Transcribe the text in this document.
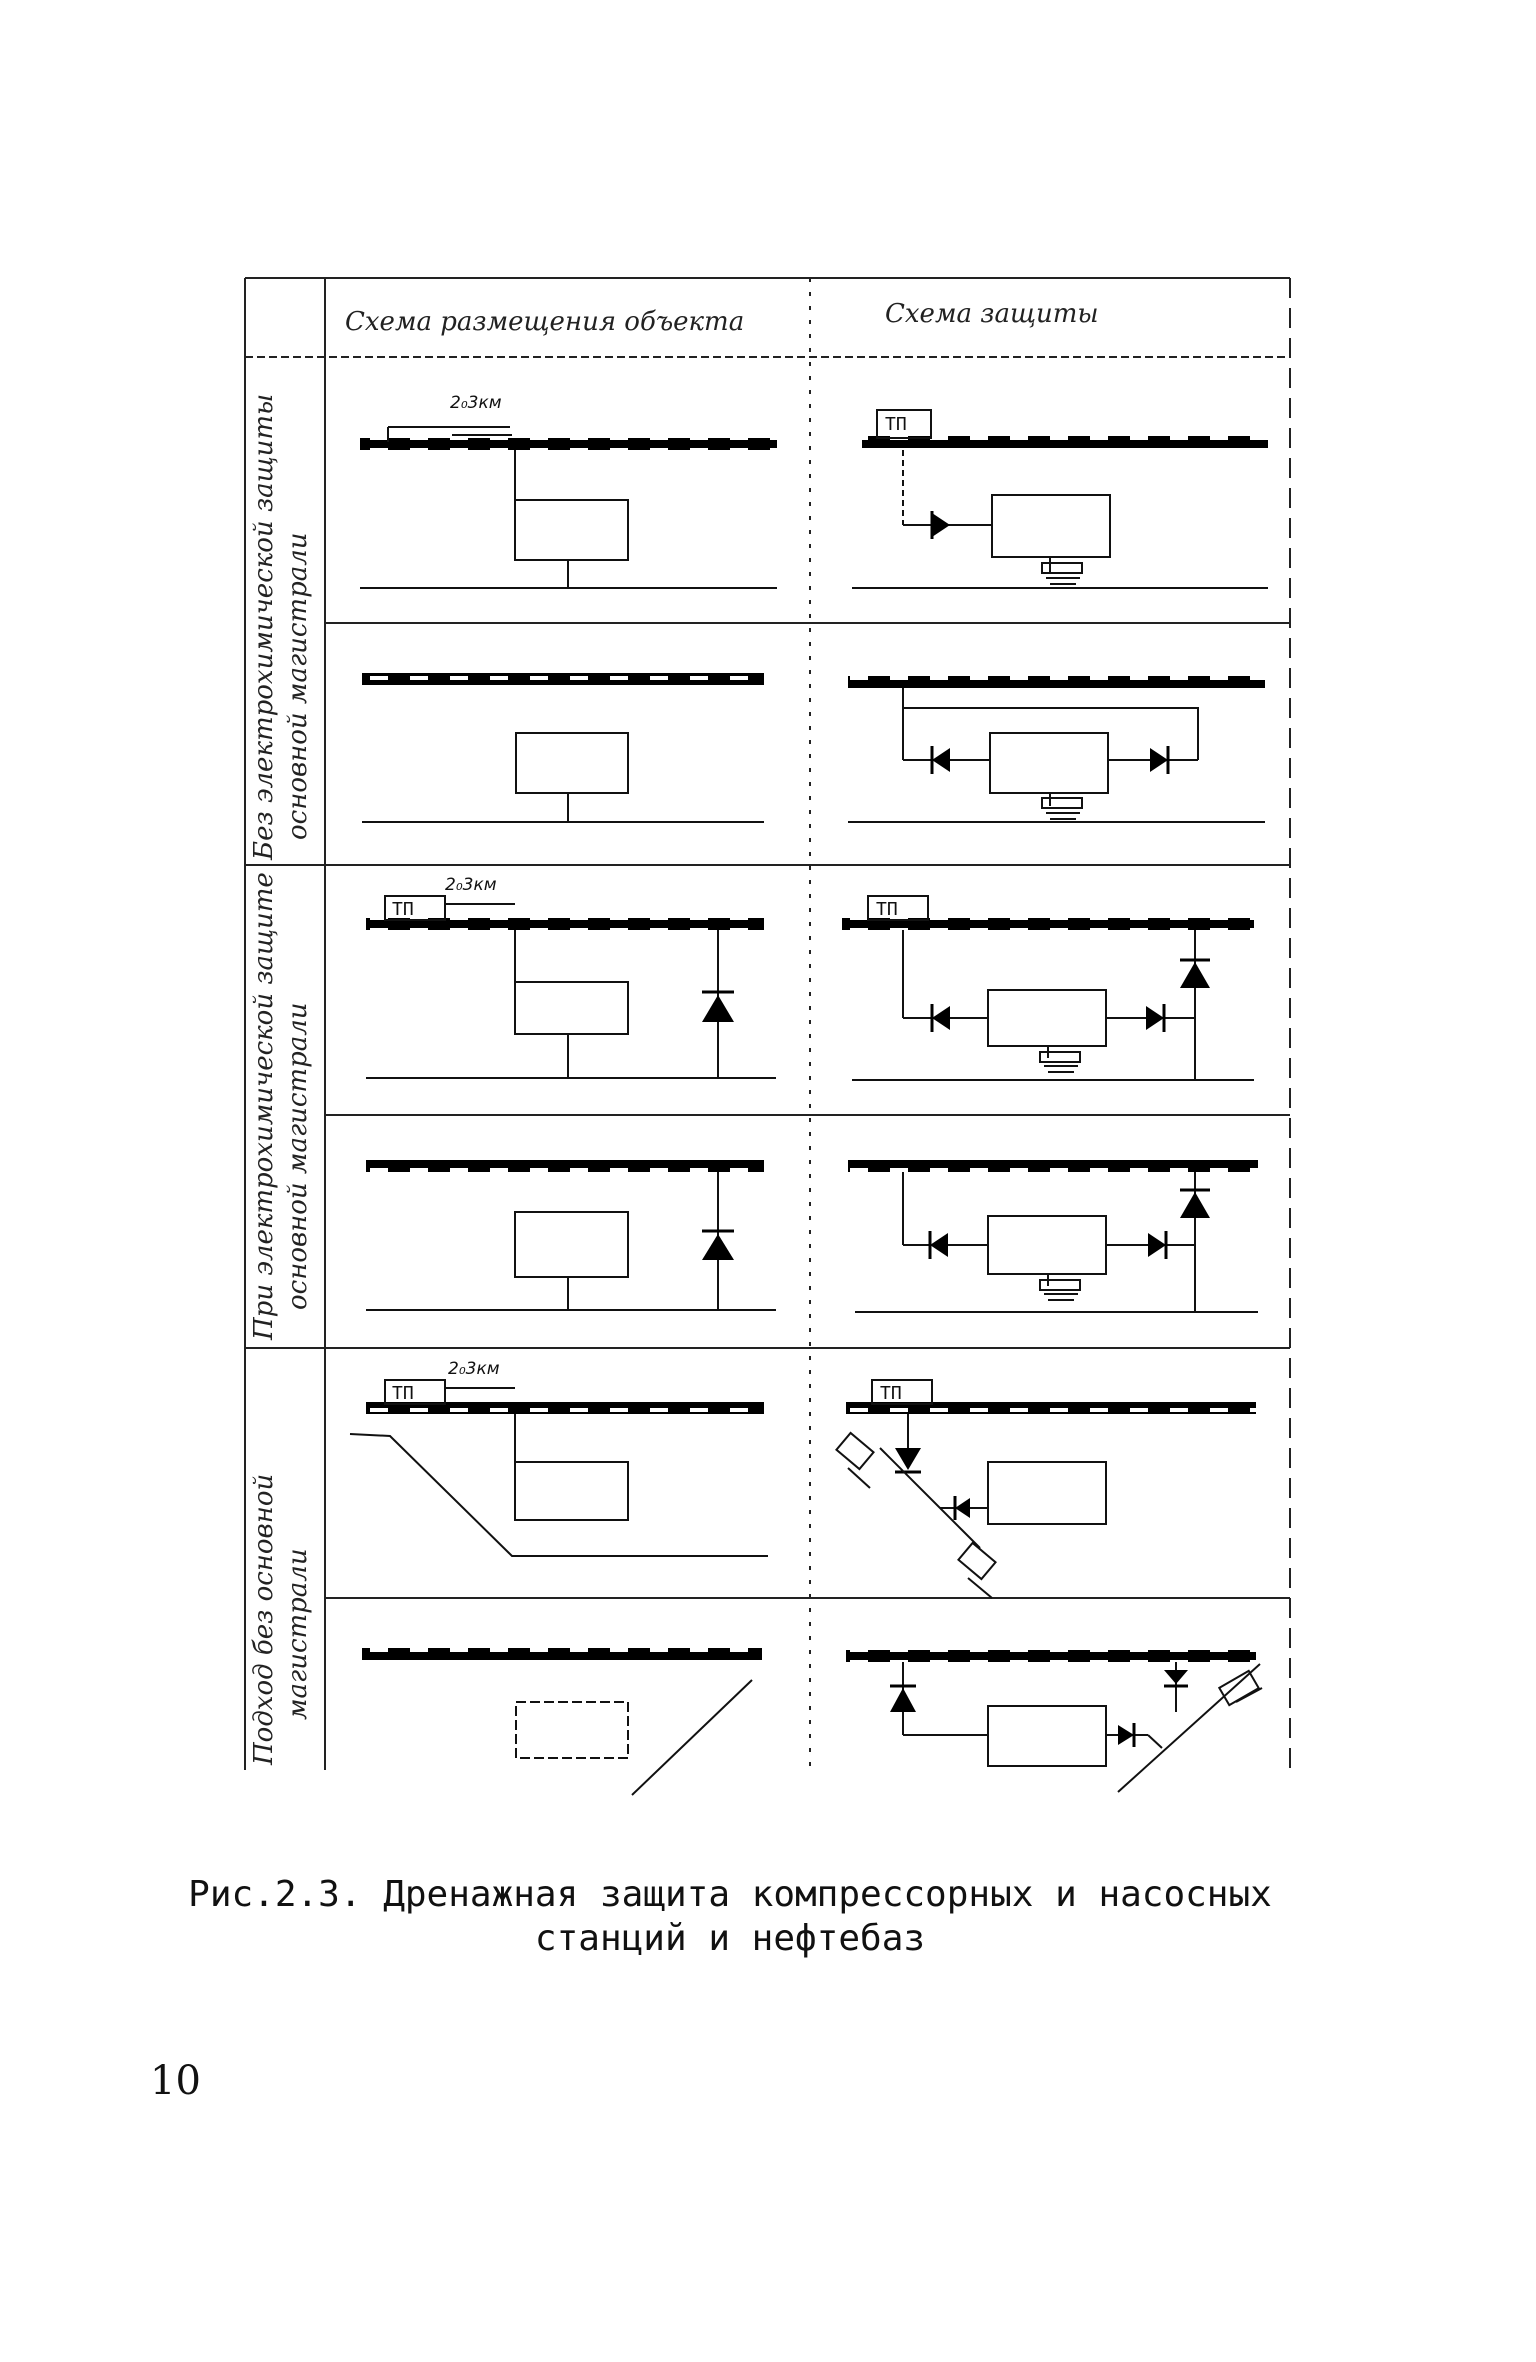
Схема размещения объекта	Схема защиты
Без электрохимической защиты основной магистрали
При электрохимической защите основной магистрали
Подход без основной магистрали
2₀3км
ТП
ТП
2₀3км
ТП
ТП
2₀3км
ТП
Рис.2.3. Дренажная защита компрессорных и насосных
станций и нефтебаз
10
